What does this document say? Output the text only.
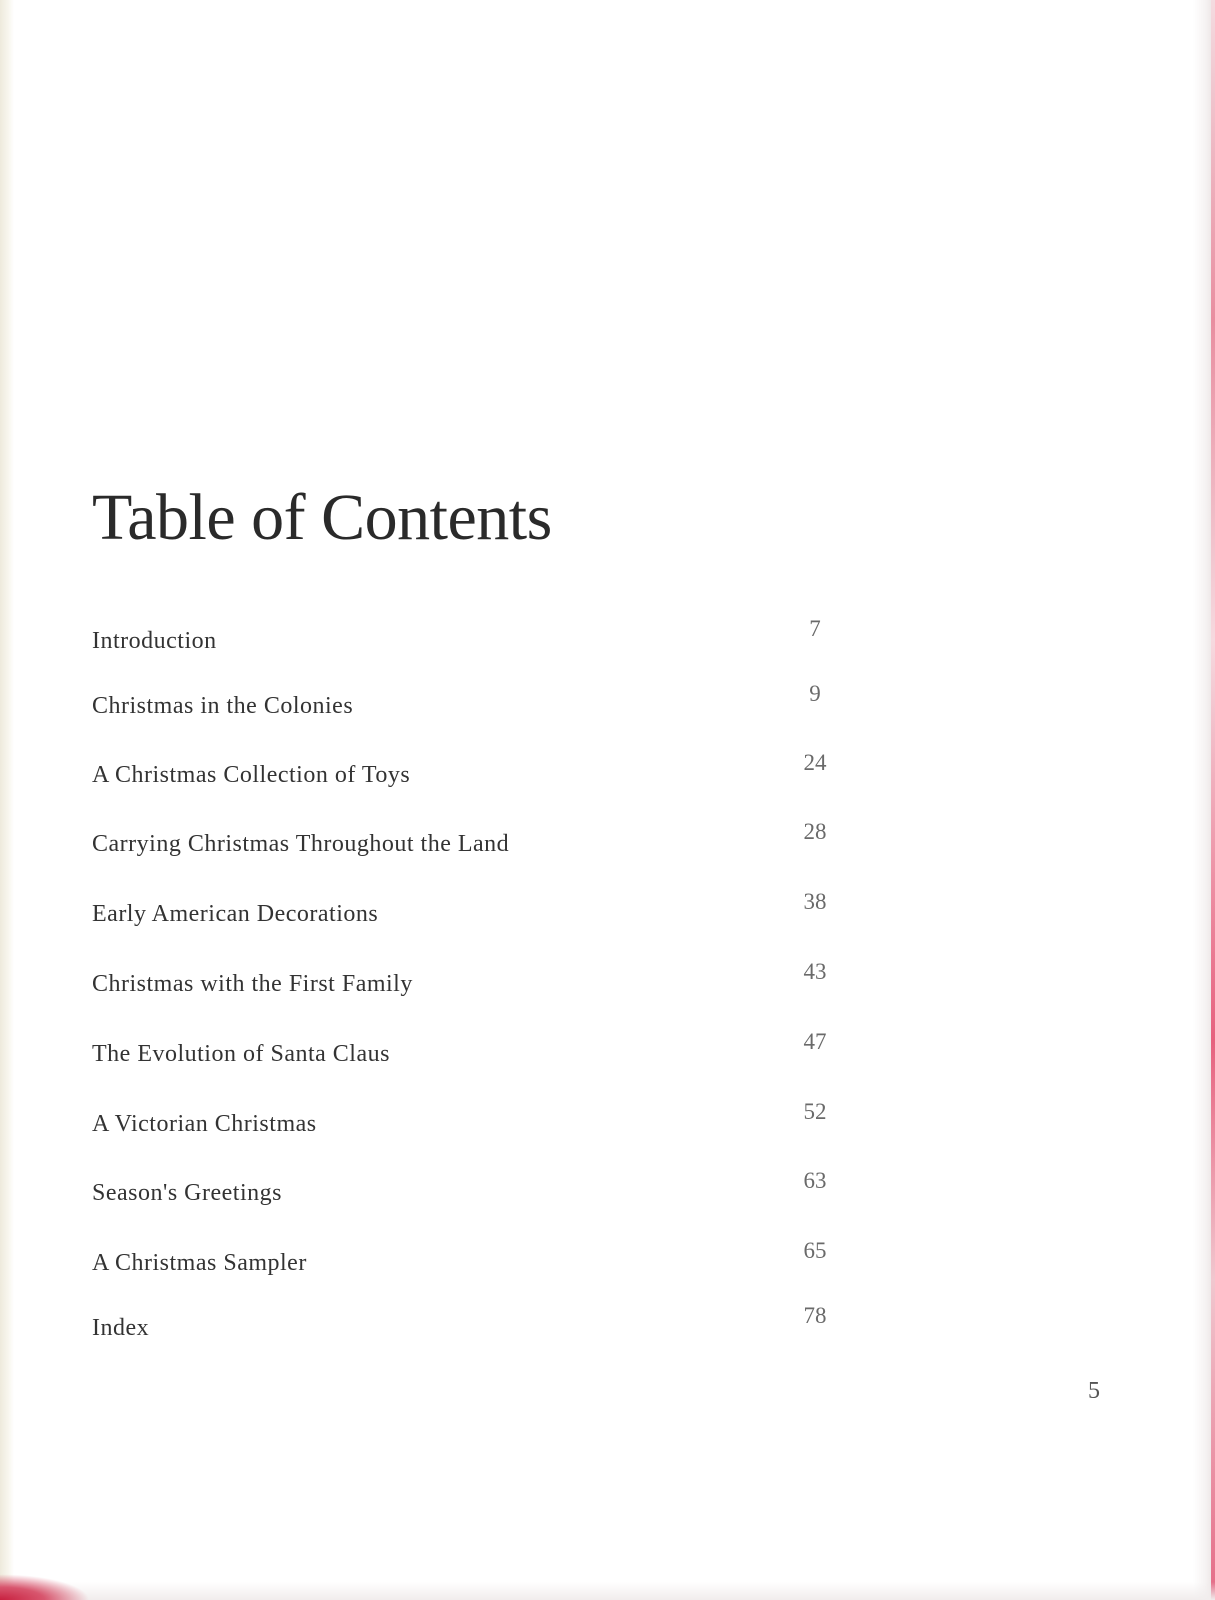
Table of Contents
Introduction	7
Christmas in the Colonies	9
A Christmas Collection of Toys	24
Carrying Christmas Throughout the Land	28
Early American Decorations	38
Christmas with the First Family	43
The Evolution of Santa Claus	47
A Victorian Christmas	52
Season's Greetings	63
A Christmas Sampler	65
Index	78
5
